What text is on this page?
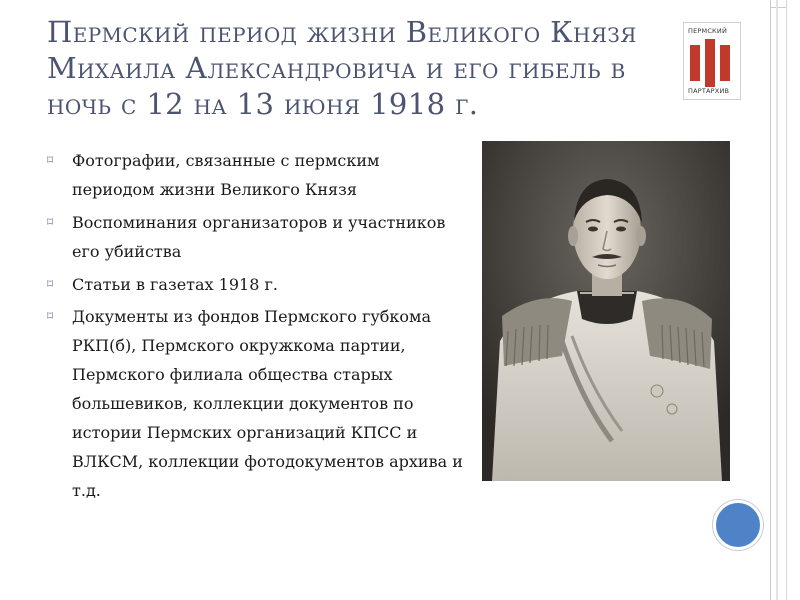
Пермский период жизни Великого Князя Михаила Александровича и его гибель в ночь с 12 на 13 июня 1918 г.
ПЕРМСКИЙ
ПАРТАРХИВ
⌑ Фотографии, связанные с пермским периодом жизни Великого Князя
⌑ Воспоминания организаторов и участников его убийства
⌑ Статьи в газетах 1918 г.
⌑ Документы из фондов Пермского губкома РКП(б), Пермского окружкома партии, Пермского филиала общества старых большевиков, коллекции документов по истории Пермских организаций КПСС и ВЛКСМ, коллекции фотодокументов архива и т.д.
